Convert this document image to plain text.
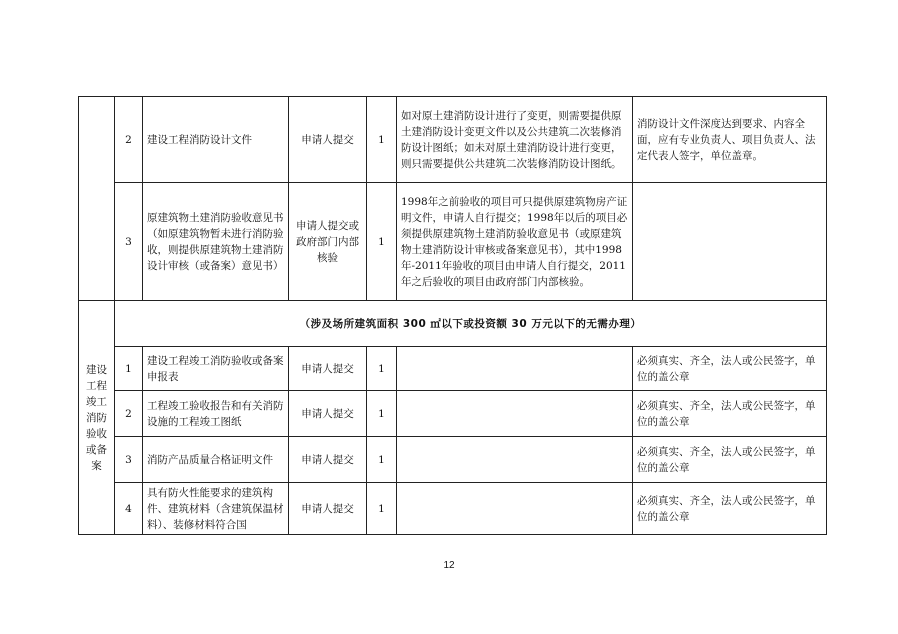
	2	建设工程消防设计文件	申请人提交	1	如对原土建消防设计进行了变更，则需要提供原土建消防设计变更文件以及公共建筑二次装修消防设计图纸；如未对原土建消防设计进行变更，则只需要提供公共建筑二次装修消防设计图纸。	消防设计文件深度达到要求、内容全面，应有专业负责人、项目负责人、法定代表人签字，单位盖章。
	3	原建筑物土建消防验收意见书（如原建筑物暂未进行消防验收，则提供原建筑物土建消防设计审核（或备案）意见书）	申请人提交或政府部门内部核验	1	1998年之前验收的项目可只提供原建筑物房产证明文件，申请人自行提交；1998年以后的项目必须提供原建筑物土建消防验收意见书（或原建筑物土建消防设计审核或备案意见书），其中1998年-2011年验收的项目由申请人自行提交，2011年之后验收的项目由政府部门内部核验。	
建设工程竣工消防验收或备案	（涉及场所建筑面积 300 ㎡以下或投资额 30 万元以下的无需办理）					
	1	建设工程竣工消防验收或备案申报表	申请人提交	1		必须真实、齐全，法人或公民签字，单位的盖公章
	2	工程竣工验收报告和有关消防设施的工程竣工图纸	申请人提交	1		必须真实、齐全，法人或公民签字，单位的盖公章
	3	消防产品质量合格证明文件	申请人提交	1		必须真实、齐全，法人或公民签字，单位的盖公章
	4	具有防火性能要求的建筑构件、建筑材料（含建筑保温材料）、装修材料符合国	申请人提交	1		必须真实、齐全，法人或公民签字，单位的盖公章
12
